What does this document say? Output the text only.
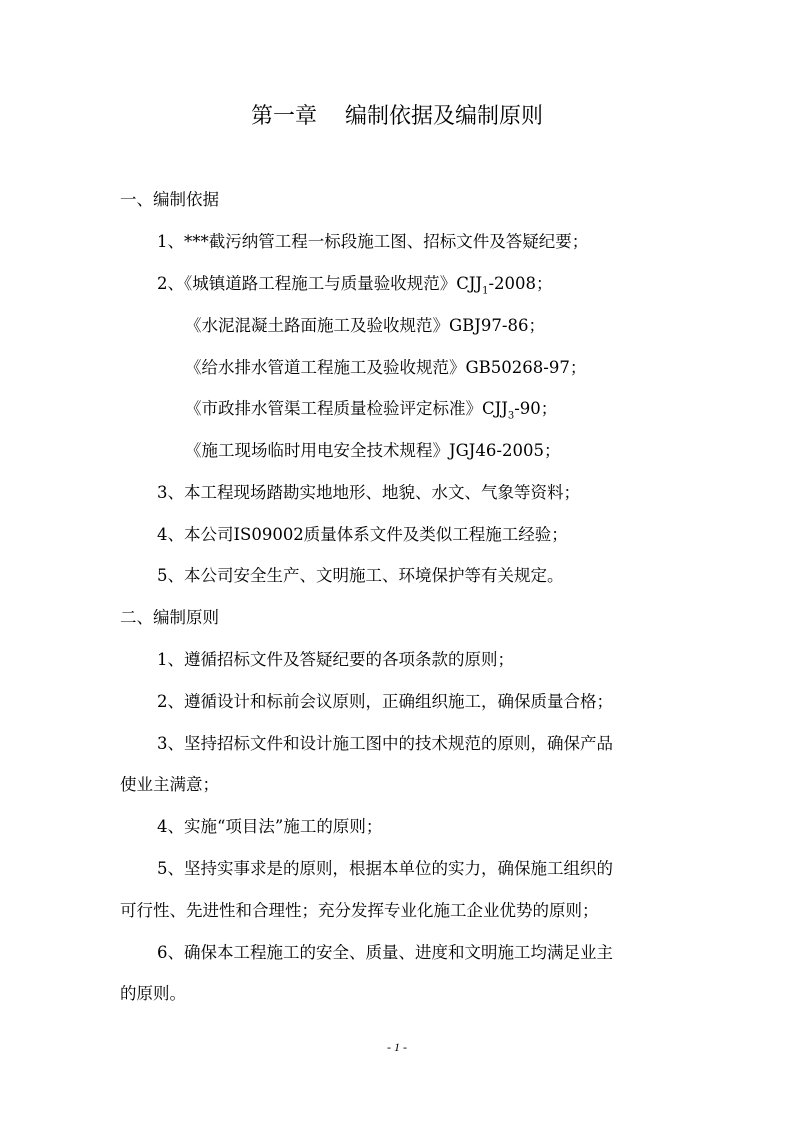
第一章 编制依据及编制原则
一、编制依据
1、***截污纳管工程一标段施工图、招标文件及答疑纪要；
2、《城镇道路工程施工与质量验收规范》$CJJ_1-2008$；
《水泥混凝土路面施工及验收规范》GBJ97-86；
《给水排水管道工程施工及验收规范》GB50268-97；
《市政排水管渠工程质量检验评定标准》$CJJ_3-90$；
《施工现场临时用电安全技术规程》JGJ46-2005；
3、本工程现场踏勘实地地形、地貌、水文、气象等资料；
4、本公司IS09002质量体系文件及类似工程施工经验；
5、本公司安全生产、文明施工、环境保护等有关规定。
二、编制原则
1、遵循招标文件及答疑纪要的各项条款的原则；
2、遵循设计和标前会议原则，正确组织施工，确保质量合格；
3、坚持招标文件和设计施工图中的技术规范的原则，确保产品
使业主满意；
4、实施“项目法”施工的原则；
5、坚持实事求是的原则，根据本单位的实力，确保施工组织的
可行性、先进性和合理性；充分发挥专业化施工企业优势的原则；
6、确保本工程施工的安全、质量、进度和文明施工均满足业主
的原则。
- 1 -
